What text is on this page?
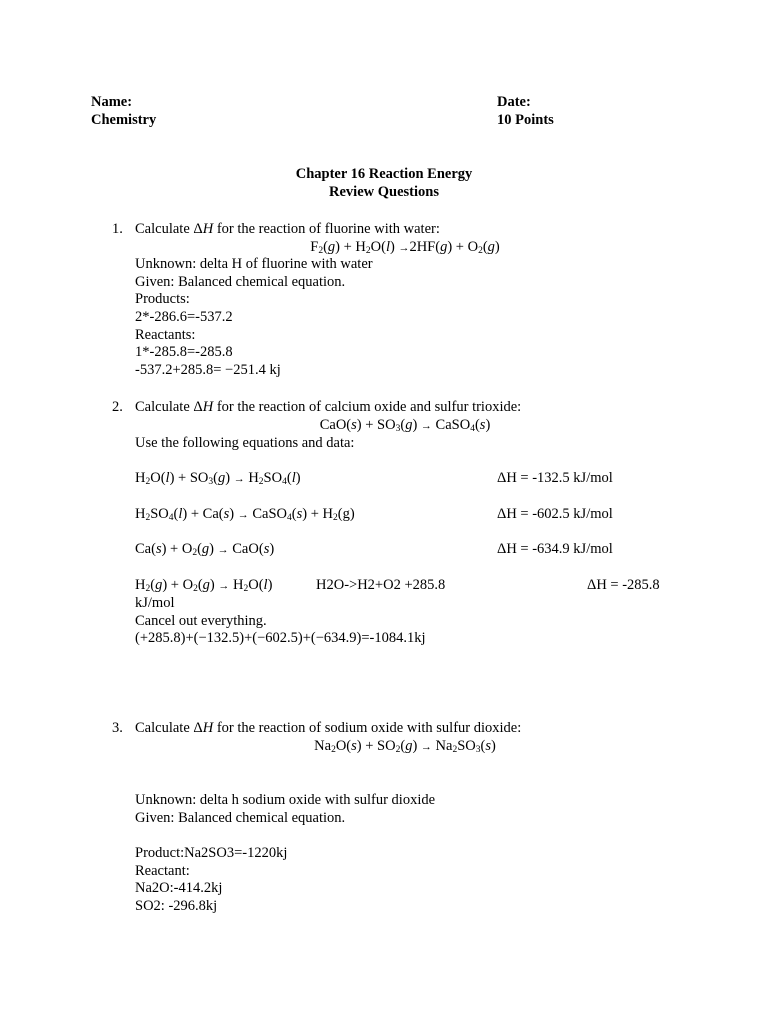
Name:
Chemistry
Date:
10 Points
Chapter 16 Reaction Energy
Review Questions
1. Calculate ΔH for the reaction of fluorine with water:
$F_2(g) + H_2O(l) \to 2HF(g) + O_2(g)$
Unknown: delta H of fluorine with water
Given: Balanced chemical equation.
Products:
2*-286.6=-537.2
Reactants:
1*-285.8=-285.8
-537.2+285.8= −251.4 kj
2. Calculate ΔH for the reaction of calcium oxide and sulfur trioxide:
$CaO(s) + SO_3(g)$ → CaSO$_4$(s)
Use the following equations and data:
$H_2O(l) + SO_3(g) \to H_2SO_4(l)$	ΔH = -132.5 kJ/mol
$H_2SO_4(l) + Ca(s)$ → CaSO$_4$(s) + $H_2(g)$	ΔH = -602.5 kJ/mol
$Ca(s) + O_2(g) \to CaO(s)$	ΔH = -634.9 kJ/mol
$H_2(g) + O_2(g) \to H_2O(l)$	H2O->H2+O2 +285.8	ΔH = -285.8
kJ/mol
Cancel out everything.
(+285.8)+(−132.5)+(−602.5)+(−634.9)=-1084.1kj
3. Calculate ΔH for the reaction of sodium oxide with sulfur dioxide:
$Na_2O(s) + SO_2(g) \to Na_2SO_3(s)$
Unknown: delta h sodium oxide with sulfur dioxide
Given: Balanced chemical equation.
Product:Na2SO3=-1220kj
Reactant:
Na2O:-414.2kj
SO2: -296.8kj
